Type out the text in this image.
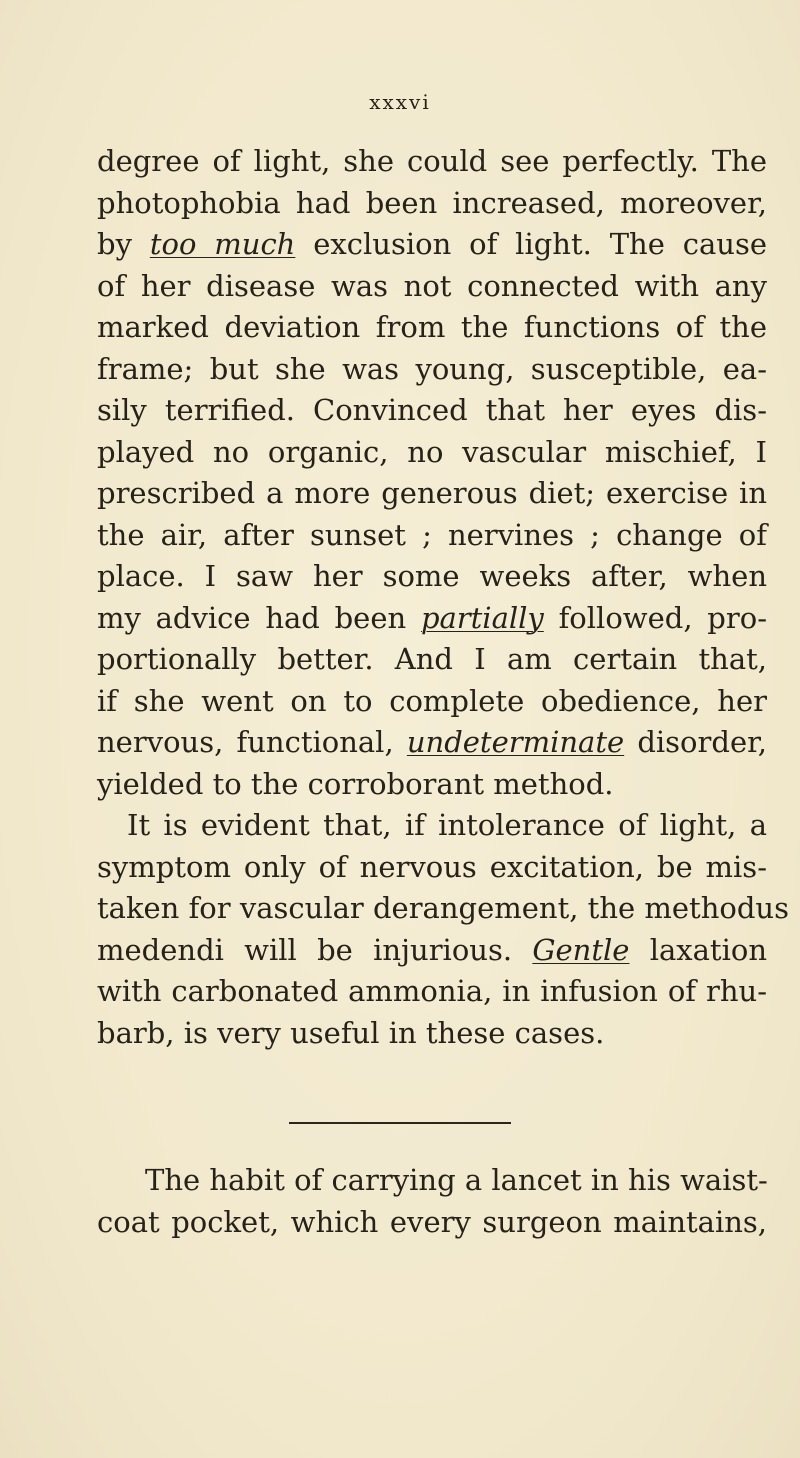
xxxvi
degree of light, she could see perfectly. The
photophobia had been increased, moreover,
by too much exclusion of light. The cause
of her disease was not connected with any
marked deviation from the functions of the
frame; but she was young, susceptible, ea-
sily terrified. Convinced that her eyes dis-
played no organic, no vascular mischief, I
prescribed a more generous diet; exercise in
the air, after sunset ; nervines ; change of
place. I saw her some weeks after, when
my advice had been partially followed, pro-
portionally better. And I am certain that,
if she went on to complete obedience, her
nervous, functional, undeterminate disorder,
yielded to the corroborant method.
It is evident that, if intolerance of light, a
symptom only of nervous excitation, be mis-
taken for vascular derangement, the methodus
medendi will be injurious. Gentle laxation
with carbonated ammonia, in infusion of rhu-
barb, is very useful in these cases.
The habit of carrying a lancet in his waist-
coat pocket, which every surgeon maintains,
